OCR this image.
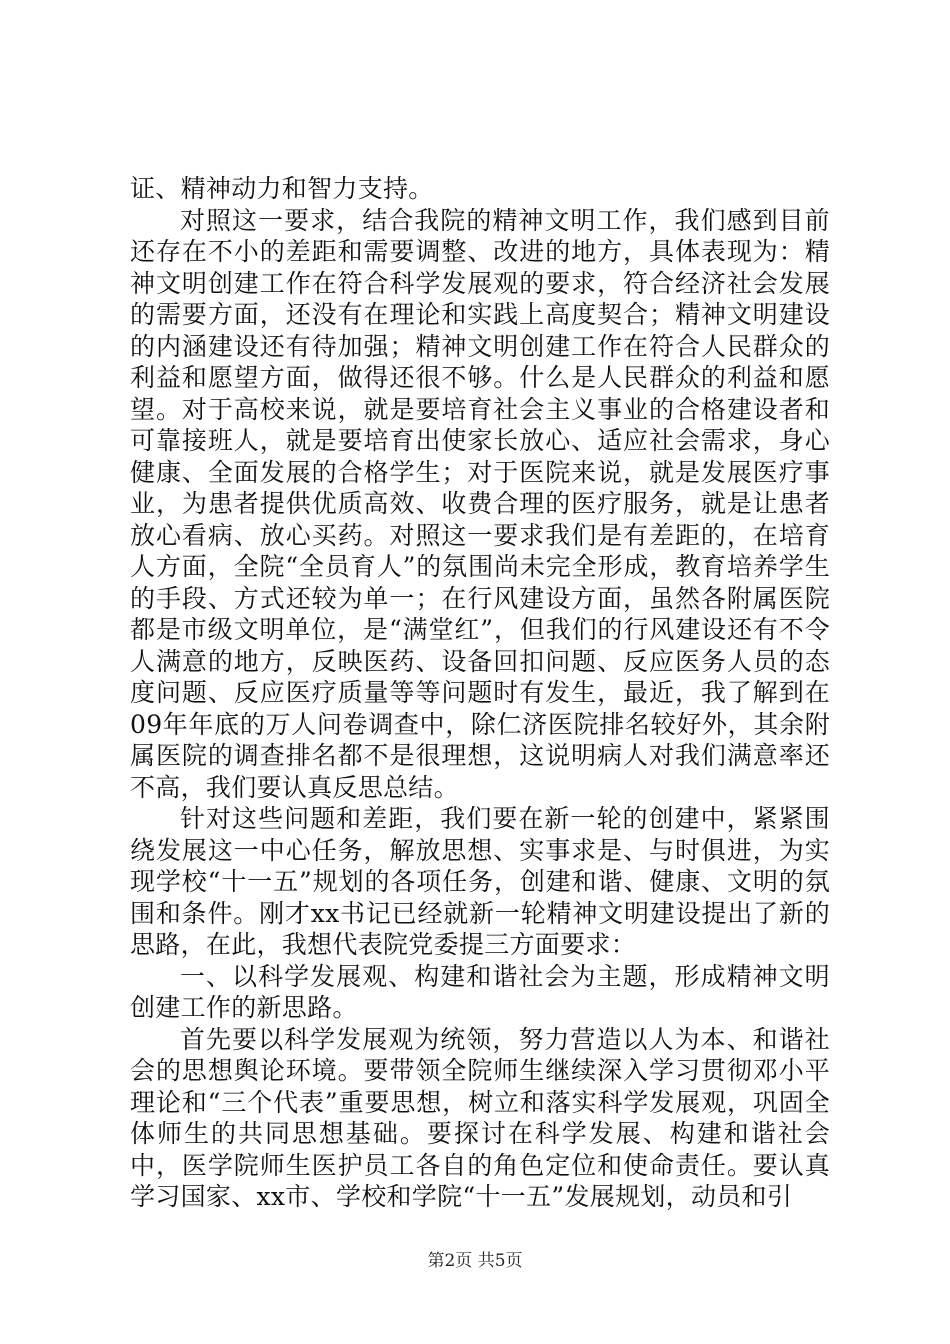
证、精神动力和智力支持。

对照这一要求，结合我院的精神文明工作，我们感到目前还存在不小的差距和需要调整、改进的地方，具体表现为：精神文明创建工作在符合科学发展观的要求，符合经济社会发展的需要方面，还没有在理论和实践上高度契合；精神文明建设的内涵建设还有待加强；精神文明创建工作在符合人民群众的利益和愿望方面，做得还很不够。什么是人民群众的利益和愿望。对于高校来说，就是要培育社会主义事业的合格建设者和可靠接班人，就是要培育出使家长放心、适应社会需求，身心健康、全面发展的合格学生；对于医院来说，就是发展医疗事业，为患者提供优质高效、收费合理的医疗服务，就是让患者放心看病、放心买药。对照这一要求我们是有差距的，在培育人方面，全院“全员育人”的氛围尚未完全形成，教育培养学生的手段、方式还较为单一；在行风建设方面，虽然各附属医院都是市级文明单位，是“满堂红”，但我们的行风建设还有不令人满意的地方，反映医药、设备回扣问题、反应医务人员的态度问题、反应医疗质量等等问题时有发生，最近，我了解到在09年年底的万人问卷调查中，除仁济医院排名较好外，其余附属医院的调查排名都不是很理想，这说明病人对我们满意率还不高，我们要认真反思总结。

针对这些问题和差距，我们要在新一轮的创建中，紧紧围绕发展这一中心任务，解放思想、实事求是、与时俱进，为实现学校“十一五”规划的各项任务，创建和谐、健康、文明的氛围和条件。刚才xx书记已经就新一轮精神文明建设提出了新的思路，在此，我想代表院党委提三方面要求：

一、以科学发展观、构建和谐社会为主题，形成精神文明创建工作的新思路。

首先要以科学发展观为统领，努力营造以人为本、和谐社会的思想舆论环境。要带领全院师生继续深入学习贯彻邓小平理论和“三个代表”重要思想，树立和落实科学发展观，巩固全体师生的共同思想基础。要探讨在科学发展、构建和谐社会中，医学院师生医护员工各自的角色定位和使命责任。要认真学习国家、xx市、学校和学院“十一五”发展规划，动员和引

第2页 共5页
